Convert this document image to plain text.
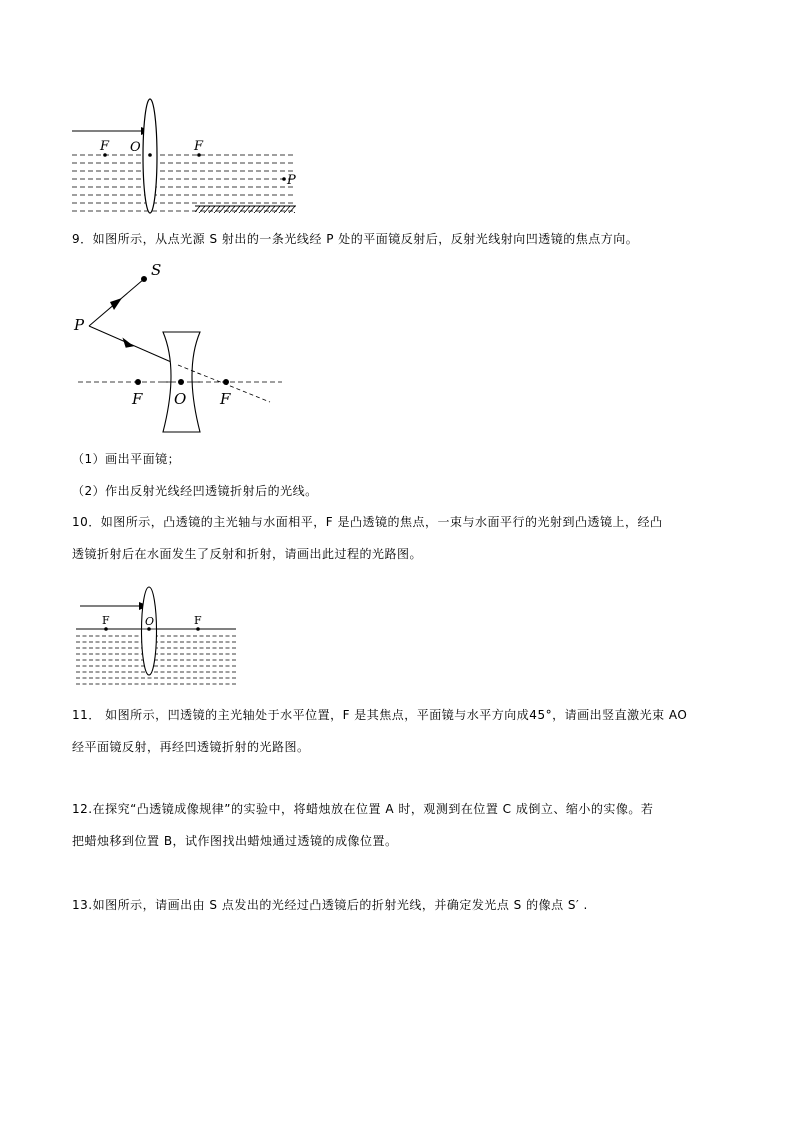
F O	F
P
9．如图所示，从点光源 S 射出的一条光线经 P 处的平面镜反射后，反射光线射向凹透镜的焦点方向。
S
P
F O F
（1）画出平面镜；
（2）作出反射光线经凹透镜折射后的光线。
10．如图所示，凸透镜的主光轴与水面相平，F 是凸透镜的焦点，一束与水面平行的光射到凸透镜上，经凸
透镜折射后在水面发生了反射和折射，请画出此过程的光路图。
F	O	F
11． 如图所示，凹透镜的主光轴处于水平位置，F 是其焦点，平面镜与水平方向成45°，请画出竖直激光束 AO
经平面镜反射，再经凹透镜折射的光路图。
12.在探究“凸透镜成像规律”的实验中，将蜡烛放在位置 A 时，观测到在位置 C 成倒立、缩小的实像。若
把蜡烛移到位置 B，试作图找出蜡烛通过透镜的成像位置。
13.如图所示，请画出由 S 点发出的光经过凸透镜后的折射光线，并确定发光点 S 的像点 S′ .
